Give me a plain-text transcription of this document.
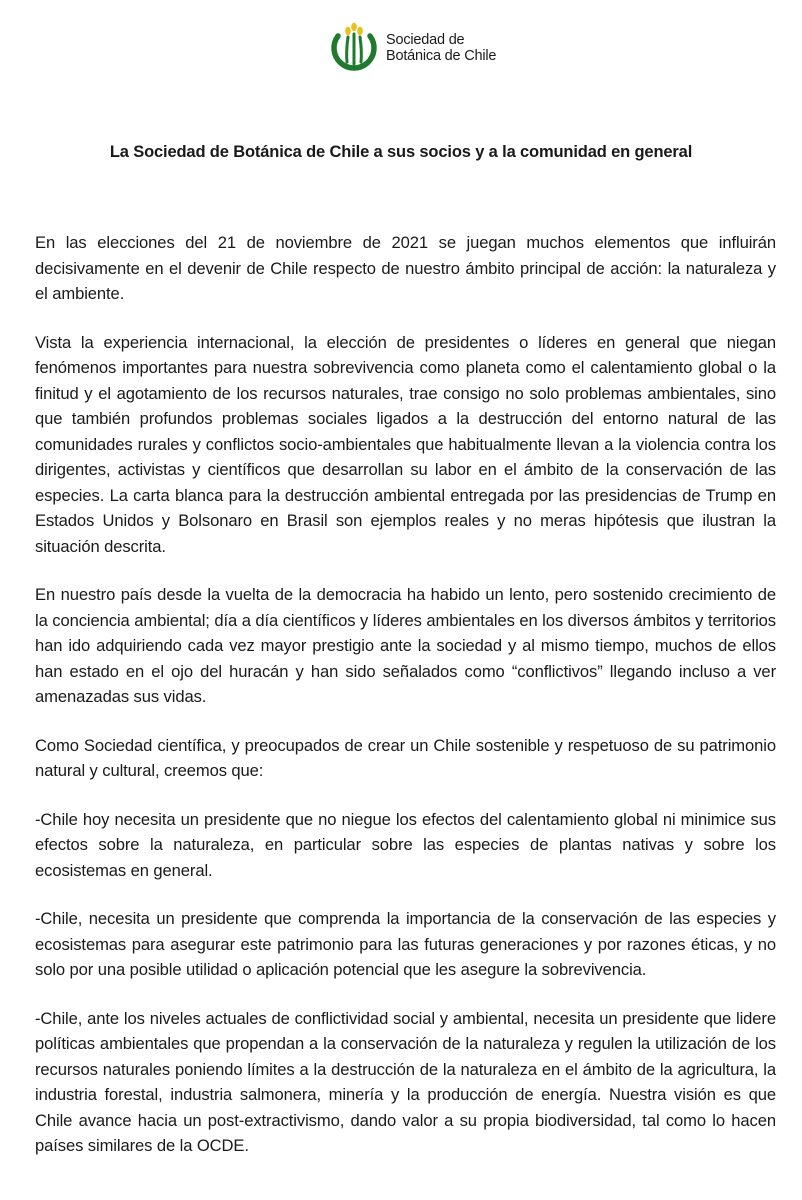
Sociedad de
Botánica de Chile
La Sociedad de Botánica de Chile a sus socios y a la comunidad en general

En las elecciones del 21 de noviembre de 2021 se juegan muchos elementos que influirán decisivamente en el devenir de Chile respecto de nuestro ámbito principal de acción: la naturaleza y el ambiente.

Vista la experiencia internacional, la elección de presidentes o líderes en general que niegan fenómenos importantes para nuestra sobrevivencia como planeta como el calentamiento global o la finitud y el agotamiento de los recursos naturales, trae consigo no solo problemas ambientales, sino que también profundos problemas sociales ligados a la destrucción del entorno natural de las comunidades rurales y conflictos socio-ambientales que habitualmente llevan a la violencia contra los dirigentes, activistas y científicos que desarrollan su labor en el ámbito de la conservación de las especies. La carta blanca para la destrucción ambiental entregada por las presidencias de Trump en Estados Unidos y Bolsonaro en Brasil son ejemplos reales y no meras hipótesis que ilustran la situación descrita.

En nuestro país desde la vuelta de la democracia ha habido un lento, pero sostenido crecimiento de la conciencia ambiental; día a día científicos y líderes ambientales en los diversos ámbitos y territorios han ido adquiriendo cada vez mayor prestigio ante la sociedad y al mismo tiempo, muchos de ellos han estado en el ojo del huracán y han sido señalados como “conflictivos” llegando incluso a ver amenazadas sus vidas.

Como Sociedad científica, y preocupados de crear un Chile sostenible y respetuoso de su patrimonio natural y cultural, creemos que:

-Chile hoy necesita un presidente que no niegue los efectos del calentamiento global ni minimice sus efectos sobre la naturaleza, en particular sobre las especies de plantas nativas y sobre los ecosistemas en general.

-Chile, necesita un presidente que comprenda la importancia de la conservación de las especies y ecosistemas para asegurar este patrimonio para las futuras generaciones y por razones éticas, y no solo por una posible utilidad o aplicación potencial que les asegure la sobrevivencia.

-Chile, ante los niveles actuales de conflictividad social y ambiental, necesita un presidente que lidere políticas ambientales que propendan a la conservación de la naturaleza y regulen la utilización de los recursos naturales poniendo límites a la destrucción de la naturaleza en el ámbito de la agricultura, la industria forestal, industria salmonera, minería y la producción de energía. Nuestra visión es que Chile avance hacia un post-extractivismo, dando valor a su propia biodiversidad, tal como lo hacen países similares de la OCDE.
